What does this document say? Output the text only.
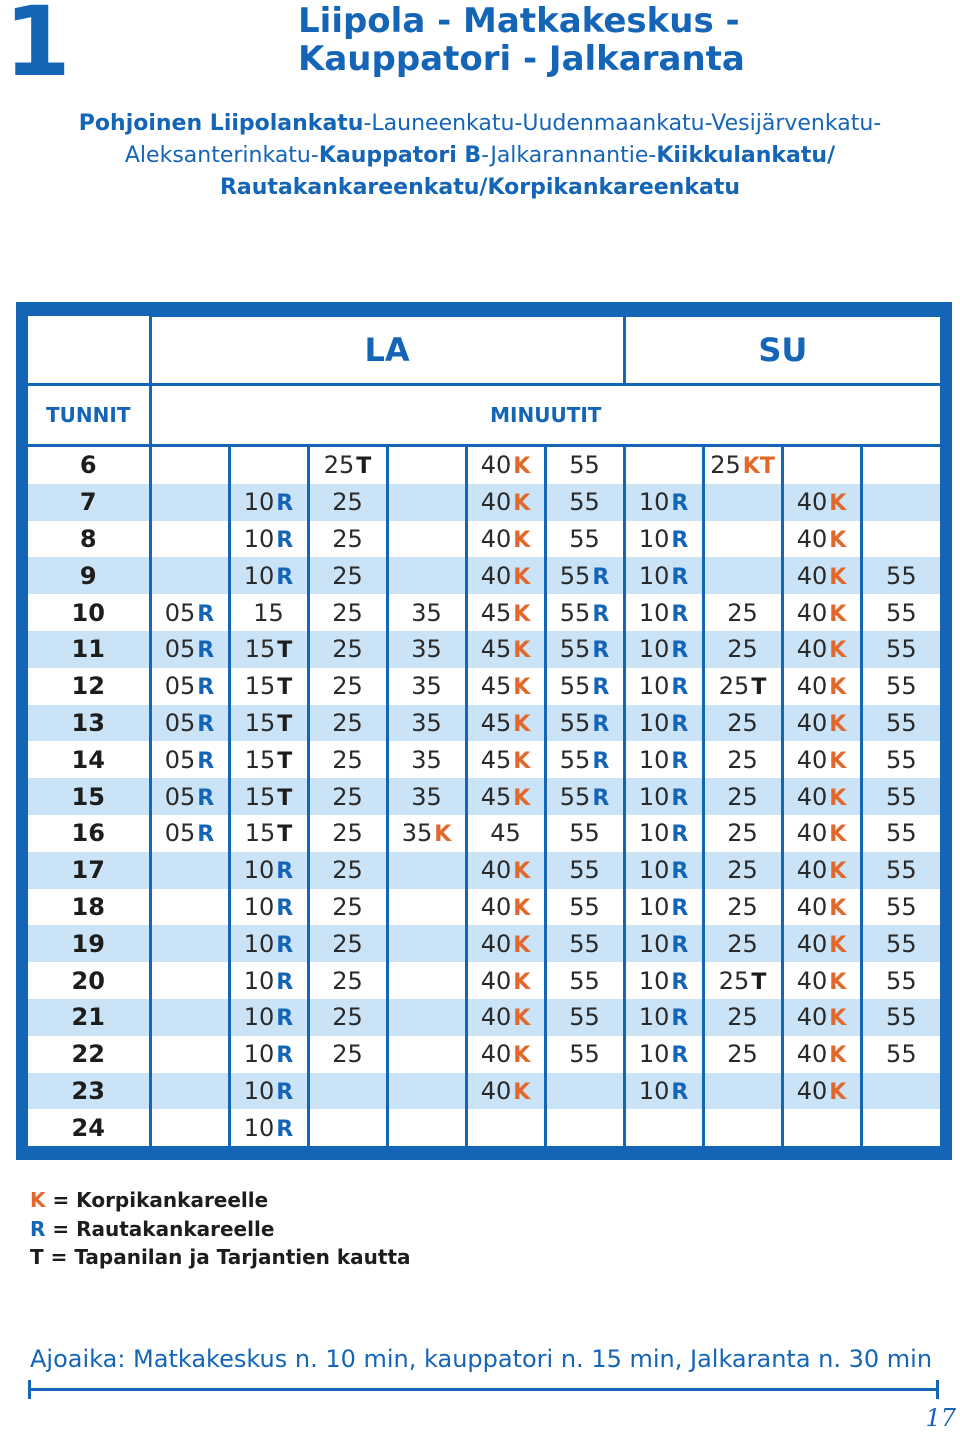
1	Liipola - Matkakeskus -
Kauppatori - Jalkaranta
Pohjoinen Liipolankatu-Launeenkatu-Uudenmaankatu-Vesijärvenkatu-
Aleksanterinkatu-Kauppatori B-Jalkarannantie-Kiikkulankatu/
Rautakankareenkatu/Korpikankareenkatu
	LA						SU			
TUNNIT	MINUUTIT									
6			25T		40K	55		25KT		
7		10R	25		40K	55	10R		40K	
8		10R	25		40K	55	10R		40K	
9		10R	25		40K	55R	10R		40K	55
10	05R	15	25	35	45K	55R	10R	25	40K	55
11	05R	15T	25	35	45K	55R	10R	25	40K	55
12	05R	15T	25	35	45K	55R	10R	25T	40K	55
13	05R	15T	25	35	45K	55R	10R	25	40K	55
14	05R	15T	25	35	45K	55R	10R	25	40K	55
15	05R	15T	25	35	45K	55R	10R	25	40K	55
16	05R	15T	25	35K	45	55	10R	25	40K	55
17		10R	25		40K	55	10R	25	40K	55
18		10R	25		40K	55	10R	25	40K	55
19		10R	25		40K	55	10R	25	40K	55
20		10R	25		40K	55	10R	25T	40K	55
21		10R	25		40K	55	10R	25	40K	55
22		10R	25		40K	55	10R	25	40K	55
23		10R			40K		10R		40K	
24		10R								
K = Korpikankareelle
R = Rautakankareelle
T = Tapanilan ja Tarjantien kautta
Ajoaika: Matkakeskus n. 10 min, kauppatori n. 15 min, Jalkaranta n. 30 min
17
